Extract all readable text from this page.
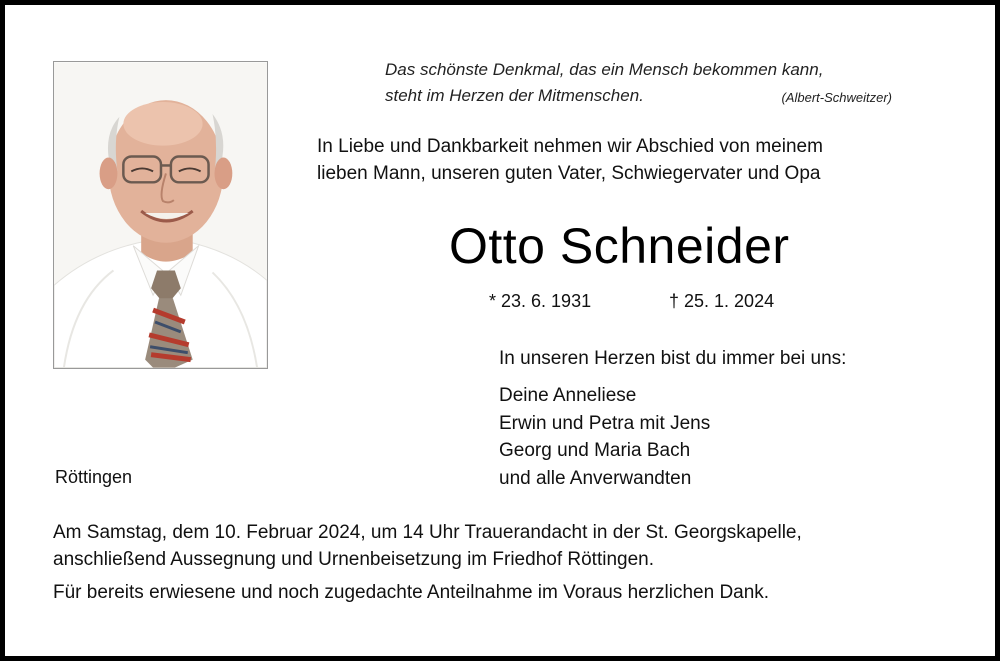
Das schönste Denkmal, das ein Mensch bekommen kann,
steht im Herzen der Mitmenschen.	(Albert-Schweitzer)
In Liebe und Dankbarkeit nehmen wir Abschied von meinem
lieben Mann, unseren guten Vater, Schwiegervater und Opa
Otto Schneider
* 23. 6. 1931	† 25. 1. 2024
In unseren Herzen bist du immer bei uns:
Deine Anneliese
Erwin und Petra mit Jens
Georg und Maria Bach
und alle Anverwandten
Röttingen
Am Samstag, dem 10. Februar 2024, um 14 Uhr Trauerandacht in der St. Georgskapelle,
anschließend Aussegnung und Urnenbeisetzung im Friedhof Röttingen.
Für bereits erwiesene und noch zugedachte Anteilnahme im Voraus herzlichen Dank.
